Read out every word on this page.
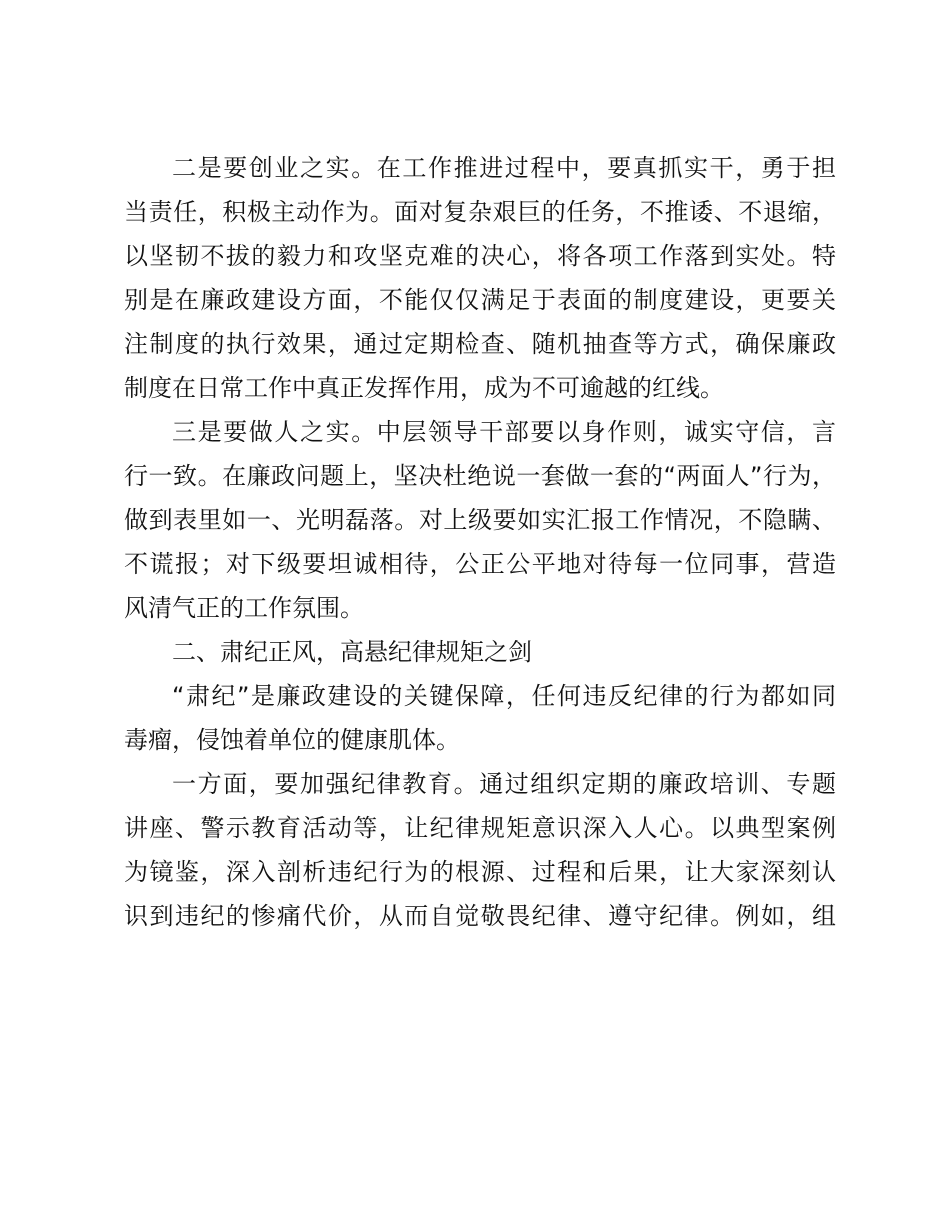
二是要创业之实。在工作推进过程中，要真抓实干，勇于担
当责任，积极主动作为。面对复杂艰巨的任务，不推诿、不退缩，
以坚韧不拔的毅力和攻坚克难的决心，将各项工作落到实处。特
别是在廉政建设方面，不能仅仅满足于表面的制度建设，更要关
注制度的执行效果，通过定期检查、随机抽查等方式，确保廉政
制度在日常工作中真正发挥作用，成为不可逾越的红线。
三是要做人之实。中层领导干部要以身作则，诚实守信，言
行一致。在廉政问题上，坚决杜绝说一套做一套的“两面人”行为，
做到表里如一、光明磊落。对上级要如实汇报工作情况，不隐瞒、
不谎报；对下级要坦诚相待，公正公平地对待每一位同事，营造
风清气正的工作氛围。
二、肃纪正风，高悬纪律规矩之剑
“肃纪”是廉政建设的关键保障，任何违反纪律的行为都如同
毒瘤，侵蚀着单位的健康肌体。
一方面，要加强纪律教育。通过组织定期的廉政培训、专题
讲座、警示教育活动等，让纪律规矩意识深入人心。以典型案例
为镜鉴，深入剖析违纪行为的根源、过程和后果，让大家深刻认
识到违纪的惨痛代价，从而自觉敬畏纪律、遵守纪律。例如，组
